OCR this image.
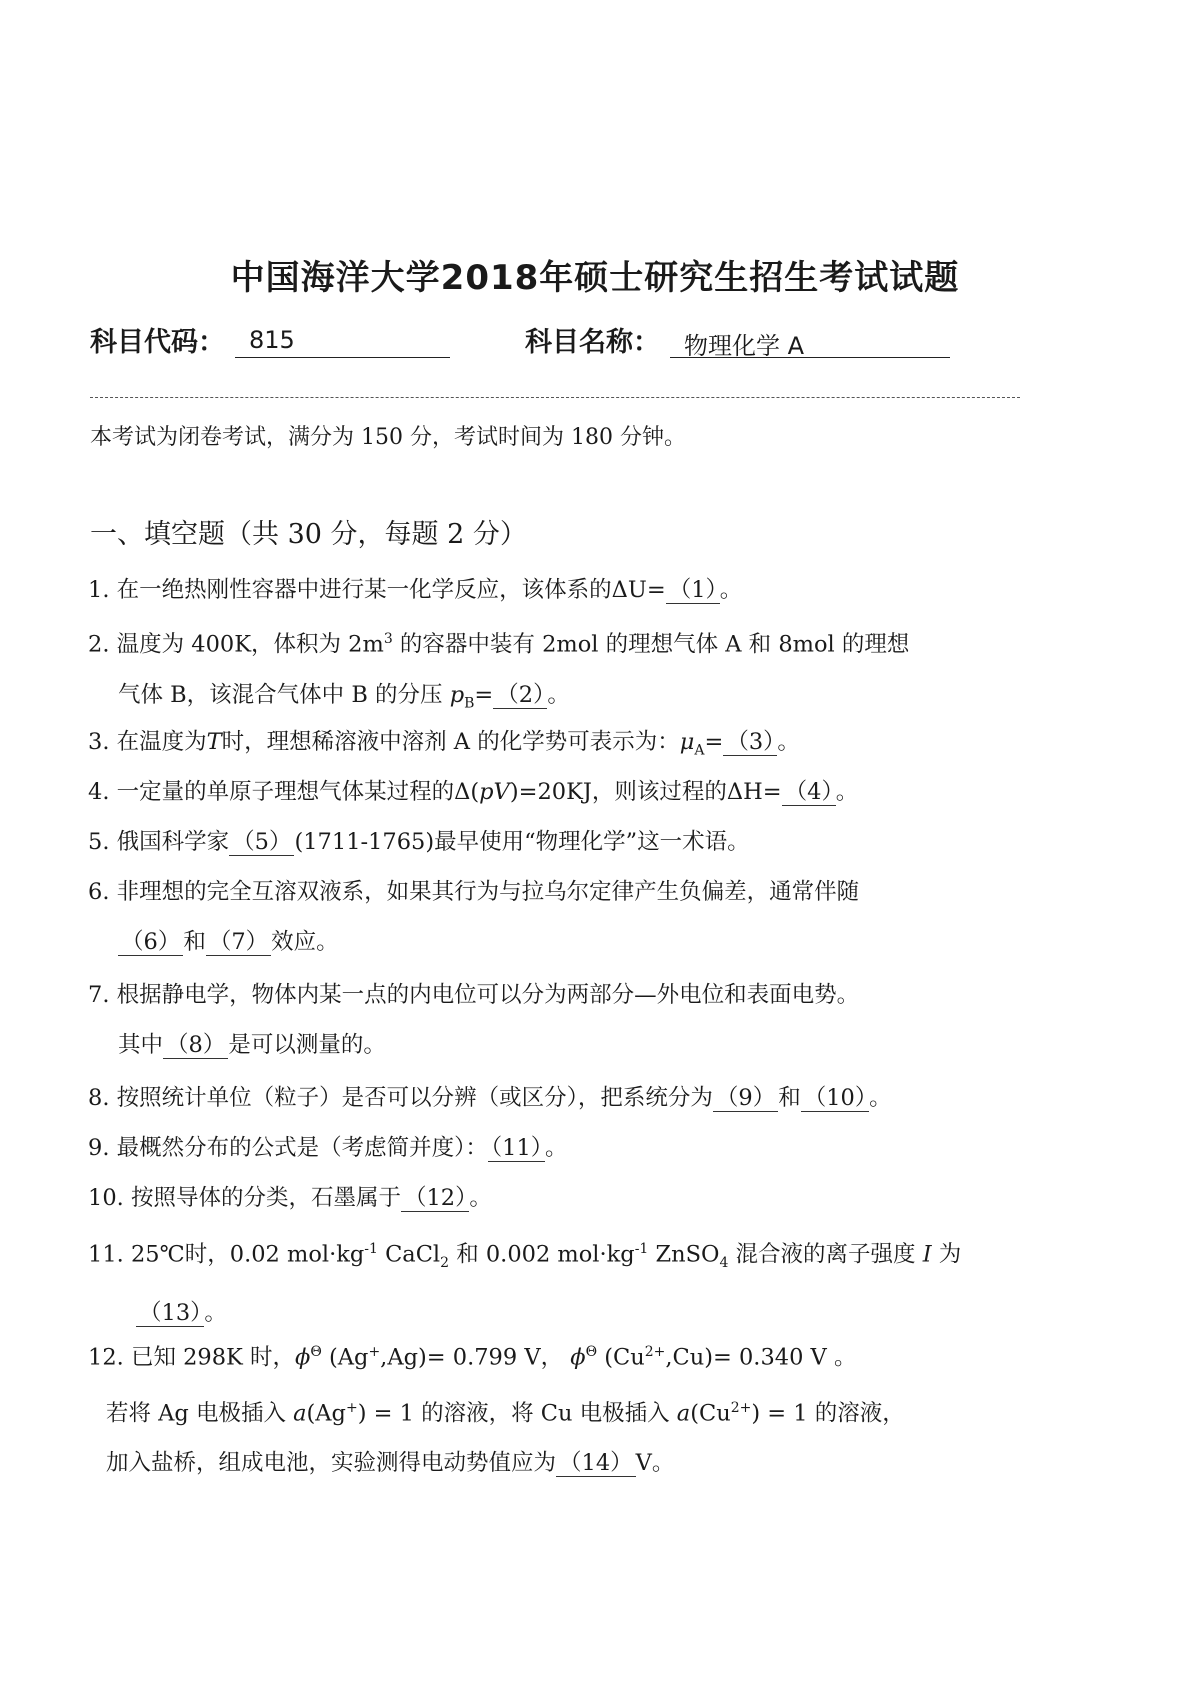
中国海洋大学2018年硕士研究生招生考试试题
科目代码：	815	科目名称：	物理化学 A
本考试为闭卷考试，满分为 150 分，考试时间为 180 分钟。
一、填空题（共 30 分，每题 2 分）
1. 在一绝热刚性容器中进行某一化学反应，该体系的ΔU= （1） 。
2. 温度为 400K，体积为 $2m^3$ 的容器中装有 2mol 的理想气体 A 和 8mol 的理想
气体 B，该混合气体中 B 的分压 $p_B= (2)$ 。
3. 在温度为T时，理想稀溶液中溶剂 A 的化学势可表示为：$\mu_A= (3)$ 。
4. 一定量的单原子理想气体某过程的Δ(pV)=20KJ，则该过程的ΔH= （4） 。
5. 俄国科学家 （5） (1711-1765)最早使用“物理化学”这一术语。
6. 非理想的完全互溶双液系，如果其行为与拉乌尔定律产生负偏差，通常伴随
（6） 和 （7） 效应。
7. 根据静电学，物体内某一点的内电位可以分为两部分—外电位和表面电势。
其中 （8） 是可以测量的。
8. 按照统计单位（粒子）是否可以分辨（或区分），把系统分为 （9） 和 （10） 。
9. 最概然分布的公式是（考虑简并度）： （11） 。
10. 按照导体的分类，石墨属于 （12） 。
11. 25℃时，0.02 $mol\cdot kg^{-1}$ CaCl$_2$ 和 0.002 $mol\cdot kg^{-1}$ ZnSO$_4$ 混合液的离子强度 I 为
（13） 。
12. 已知 298K 时，$\phi^\Theta$ (Ag+,Ag)= 0.799 V， $\phi^\Theta$ $(Cu^{2+},Cu)= 0.340$ V 。
若将 Ag 电极插入 a(Ag+) = 1 的溶液，将 Cu 电极插入 $a(Cu^{2+}) = 1$ 的溶液，
加入盐桥，组成电池，实验测得电动势值应为 （14） V。
